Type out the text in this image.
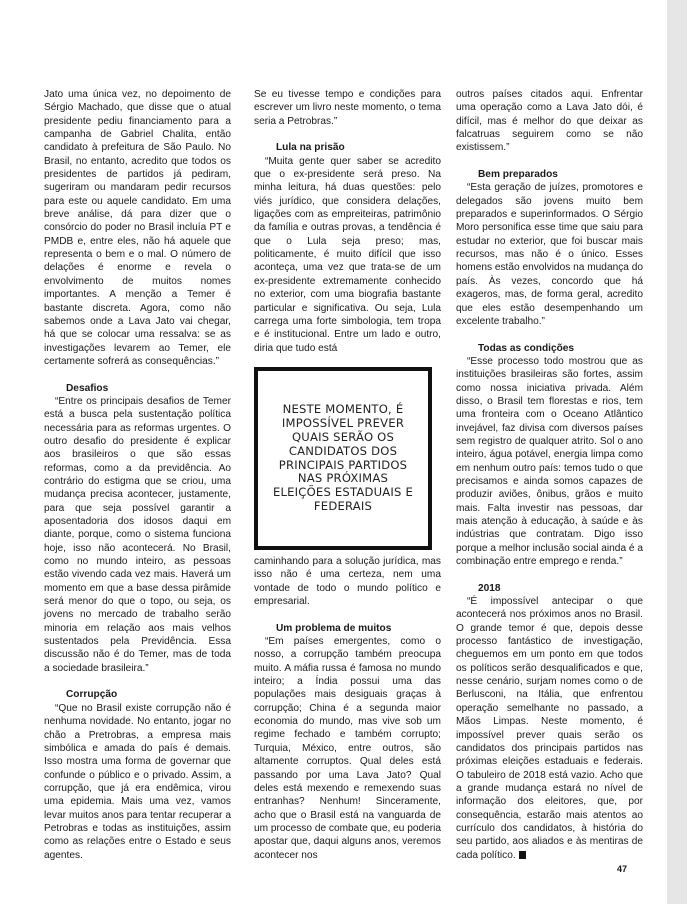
Jato uma única vez, no depoimento de Sérgio Machado, que disse que o atual presidente pediu financiamento para a campanha de Gabriel Chalita, então candidato à prefeitura de São Paulo. No Brasil, no entanto, acredito que todos os presidentes de partidos já pediram, sugeriram ou mandaram pedir recursos para este ou aquele candidato. Em uma breve análise, dá para dizer que o consórcio do poder no Brasil incluía PT e PMDB e, entre eles, não há aquele que representa o bem e o mal. O número de delações é enorme e revela o envolvimento de muitos nomes importantes. A menção a Temer é bastante discreta. Agora, como não sabemos onde a Lava Jato vai chegar, há que se colocar uma ressalva: se as investigações levarem ao Temer, ele certamente sofrerá as consequências.”

Desafios

“Entre os principais desafios de Temer está a busca pela sustentação política necessária para as reformas urgentes. O outro desafio do presidente é explicar aos brasileiros o que são essas reformas, como a da previdência. Ao contrário do estigma que se criou, uma mudança precisa acontecer, justamente, para que seja possível garantir a aposentadoria dos idosos daqui em diante, porque, como o sistema funciona hoje, isso não acontecerá. No Brasil, como no mundo inteiro, as pessoas estão vivendo cada vez mais. Haverá um momento em que a base dessa pirâmide será menor do que o topo, ou seja, os jovens no mercado de trabalho serão minoria em relação aos mais velhos sustentados pela Previdência. Essa discussão não é do Temer, mas de toda a sociedade brasileira.”

Corrupção

“Que no Brasil existe corrupção não é nenhuma novidade. No entanto, jogar no chão a Pretrobras, a empresa mais simbólica e amada do país é demais. Isso mostra uma forma de governar que confunde o público e o privado. Assim, a corrupção, que já era endêmica, virou uma epidemia. Mais uma vez, vamos levar muitos anos para tentar recuperar a Petrobras e todas as instituições, assim como as relações entre o Estado e seus agentes.

Se eu tivesse tempo e condições para escrever um livro neste momento, o tema seria a Petrobras.”

Lula na prisão

“Muita gente quer saber se acredito que o ex-presidente será preso. Na minha leitura, há duas questões: pelo viés jurídico, que considera delações, ligações com as empreiteiras, patrimônio da família e outras provas, a tendência é que o Lula seja preso; mas, politicamente, é muito difícil que isso aconteça, uma vez que trata-se de um ex-presidente extremamente conhecido no exterior, com uma biografia bastante particular e significativa. Ou seja, Lula carrega uma forte simbologia, tem tropa e é institucional. Entre um lado e outro, diria que tudo está

caminhando para a solução jurídica, mas isso não é uma certeza, nem uma vontade de todo o mundo político e empresarial.

Um problema de muitos

“Em países emergentes, como o nosso, a corrupção também preocupa muito. A máfia russa é famosa no mundo inteiro; a Índia possui uma das populações mais desiguais graças à corrupção; China é a segunda maior economia do mundo, mas vive sob um regime fechado e também corrupto; Turquia, México, entre outros, são altamente corruptos. Qual deles está passando por uma Lava Jato? Qual deles está mexendo e remexendo suas entranhas? Nenhum! Sinceramente, acho que o Brasil está na vanguarda de um processo de combate que, eu poderia apostar que, daqui alguns anos, veremos acontecer nos

outros países citados aqui. Enfrentar uma operação como a Lava Jato dói, é difícil, mas é melhor do que deixar as falcatruas seguirem como se não existissem.”

Bem preparados

“Esta geração de juízes, promotores e delegados são jovens muito bem preparados e superinformados. O Sérgio Moro personifica esse time que saiu para estudar no exterior, que foi buscar mais recursos, mas não é o único. Esses homens estão envolvidos na mudança do país. Às vezes, concordo que há exageros, mas, de forma geral, acredito que eles estão desempenhando um excelente trabalho.”

Todas as condições

“Esse processo todo mostrou que as instituições brasileiras são fortes, assim como nossa iniciativa privada. Além disso, o Brasil tem florestas e rios, tem uma fronteira com o Oceano Atlântico invejável, faz divisa com diversos países sem registro de qualquer atrito. Sol o ano inteiro, água potável, energia limpa como em nenhum outro país: temos tudo o que precisamos e ainda somos capazes de produzir aviões, ônibus, grãos e muito mais. Falta investir nas pessoas, dar mais atenção à educação, à saúde e às indústrias que contratam. Digo isso porque a melhor inclusão social ainda é a combinação entre emprego e renda.”

2018

“É impossível antecipar o que acontecerá nos próximos anos no Brasil. O grande temor é que, depois desse processo fantástico de investigação, cheguemos em um ponto em que todos os políticos serão desqualificados e que, nesse cenário, surjam nomes como o de Berlusconi, na Itália, que enfrentou operação semelhante no passado, a Mãos Limpas. Neste momento, é impossível prever quais serão os candidatos dos principais partidos nas próximas eleições estaduais e federais. O tabuleiro de 2018 está vazio. Acho que a grande mudança estará no nível de informação dos eleitores, que, por consequência, estarão mais atentos ao currículo dos candidatos, à história do seu partido, aos aliados e às mentiras de cada político.

NESTE MOMENTO, É IMPOSSÍVEL PREVER QUAIS SERÃO OS CANDIDATOS DOS PRINCIPAIS PARTIDOS NAS PRÓXIMAS ELEIÇÕES ESTADUAIS E FEDERAIS
47
